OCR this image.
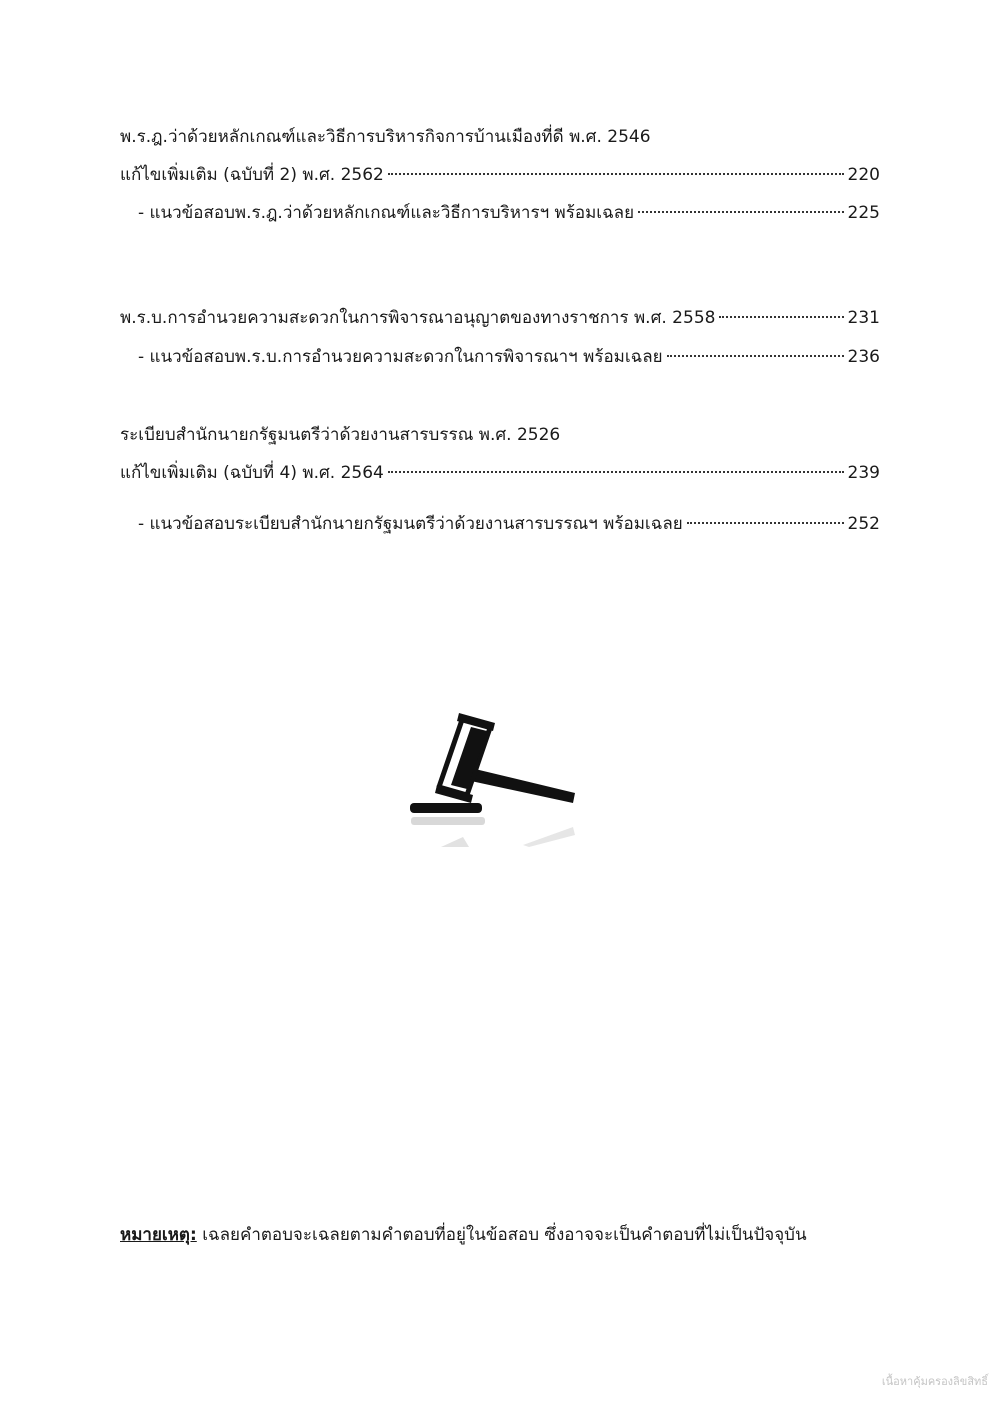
พ.ร.ฎ.ว่าด้วยหลักเกณฑ์และวิธีการบริหารกิจการบ้านเมืองที่ดี พ.ศ. 2546
แก้ไขเพิ่มเติม (ฉบับที่ 2) พ.ศ. 2562	220
- แนวข้อสอบพ.ร.ฎ.ว่าด้วยหลักเกณฑ์และวิธีการบริหารฯ พร้อมเฉลย	225
พ.ร.บ.การอำนวยความสะดวกในการพิจารณาอนุญาตของทางราชการ พ.ศ. 2558	231
- แนวข้อสอบพ.ร.บ.การอำนวยความสะดวกในการพิจารณาฯ พร้อมเฉลย	236
ระเบียบสำนักนายกรัฐมนตรีว่าด้วยงานสารบรรณ พ.ศ. 2526
แก้ไขเพิ่มเติม (ฉบับที่ 4) พ.ศ. 2564	239
- แนวข้อสอบระเบียบสำนักนายกรัฐมนตรีว่าด้วยงานสารบรรณฯ พร้อมเฉลย	252
หมายเหตุ: เฉลยคำตอบจะเฉลยตามคำตอบที่อยู่ในข้อสอบ ซึ่งอาจจะเป็นคำตอบที่ไม่เป็นปัจจุบัน
เนื้อหาคุ้มครองลิขสิทธิ์
